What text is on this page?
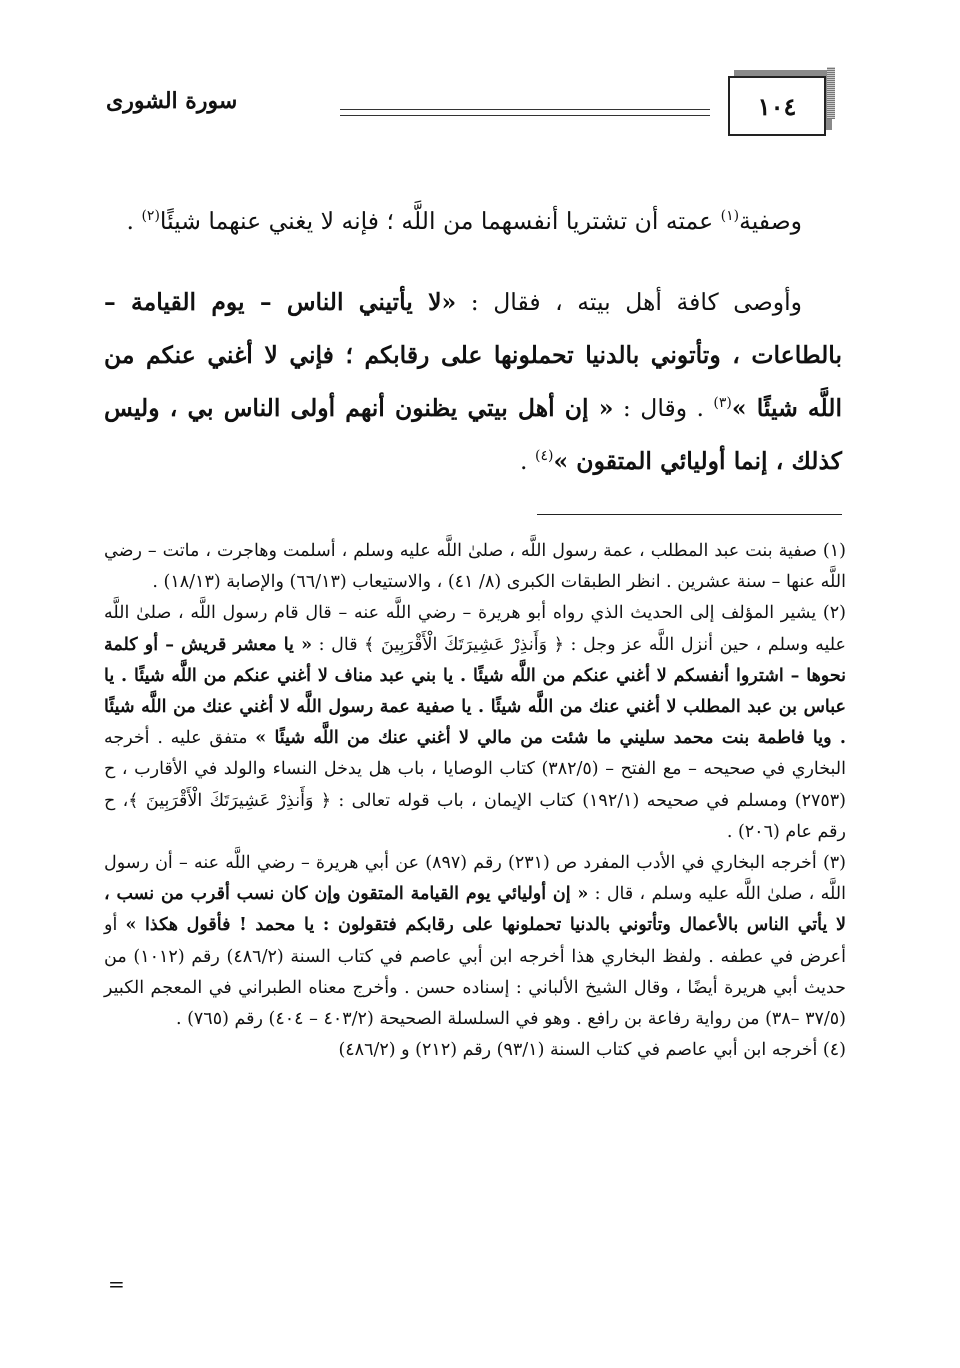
١٠٤
سورة الشورى

وصفية$^{(١)}$ عمته أن تشتريا أنفسهما من اللَّه ؛ فإنه لا يغني عنهما شيئًا$^{(٢)}$ .

وأوصى كافة أهل بيته ، فقال : «لا يأتيني الناس – يوم القيامة – بالطاعات ، وتأتوني بالدنيا تحملونها على رقابكم ؛ فإني لا أغني عنكم من اللَّه شيئًا »$^{(٣)}$ . وقال : « إن أهل بيتي يظنون أنهم أولى الناس بي ، وليس كذلك ، إنما أوليائي المتقون »$^{(٤)}$ .

(١) صفية بنت عبد المطلب ، عمة رسول اللَّه ، صلىٰ اللَّه عليه وسلم ، أسلمت وهاجرت ، ماتت – رضي اللَّه عنها – سنة عشرين . انظر الطبقات الكبرى (٨/ ٤١) ، والاستيعاب (٦٦/١٣) والإصابة (١٨/١٣) .

(٢) يشير المؤلف إلى الحديث الذي رواه أبو هريرة – رضي اللَّه عنه – قال قام رسول اللَّه ، صلىٰ اللَّه عليه وسلم ، حين أنزل اللَّه عز وجل : ﴿ وَأَنذِرْ عَشِيرَتَكَ الْأَقْرَبِينَ ﴾ قال : « يا معشر قريش – أو كلمة نحوها – اشتروا أنفسكم لا أغني عنكم من اللَّه شيئًا . يا بني عبد مناف لا أغني عنكم من اللَّه شيئًا . يا عباس بن عبد المطلب لا أغني عنك من اللَّه شيئًا . يا صفية عمة رسول اللَّه لا أغني عنك من اللَّه شيئًا . ويا فاطمة بنت محمد سليني ما شئت من مالي لا أغني عنك من اللَّه شيئًا » متفق عليه . أخرجه البخاري في صحيحه – مع الفتح – (٣٨٢/٥) كتاب الوصايا ، باب هل يدخل النساء والولد في الأقارب ، ح (٢٧٥٣) ومسلم في صحيحه (١٩٢/١) كتاب الإيمان ، باب قوله تعالى : ﴿ وَأَنذِرْ عَشِيرَتَكَ الْأَقْرَبِينَ ﴾، ح رقم عام (٢٠٦) .

(٣) أخرجه البخاري في الأدب المفرد ص (٢٣١) رقم (٨٩٧) عن أبي هريرة – رضي اللَّه عنه – أن رسول اللَّه ، صلىٰ اللَّه عليه وسلم ، قال : « إن أوليائي يوم القيامة المتقون وإن كان نسب أقرب من نسب ، لا يأتي الناس بالأعمال وتأتوني بالدنيا تحملونها على رقابكم فتقولون : يا محمد ! فأقول هكذا » أو أعرض في عطفه . ولفظ البخاري هذا أخرجه ابن أبي عاصم في كتاب السنة (٤٨٦/٢) رقم (١٠١٢) من حديث أبي هريرة أيضًا ، وقال الشيخ الألباني : إسناده حسن . وأخرج معناه الطبراني في المعجم الكبير (٣٧/٥ –٣٨) من رواية رفاعة بن رافع . وهو في السلسلة الصحيحة (٤٠٣/٢ – ٤٠٤) رقم (٧٦٥) .

(٤) أخرجه ابن أبي عاصم في كتاب السنة (٩٣/١) رقم (٢١٢) و (٤٨٦/٢)

=
